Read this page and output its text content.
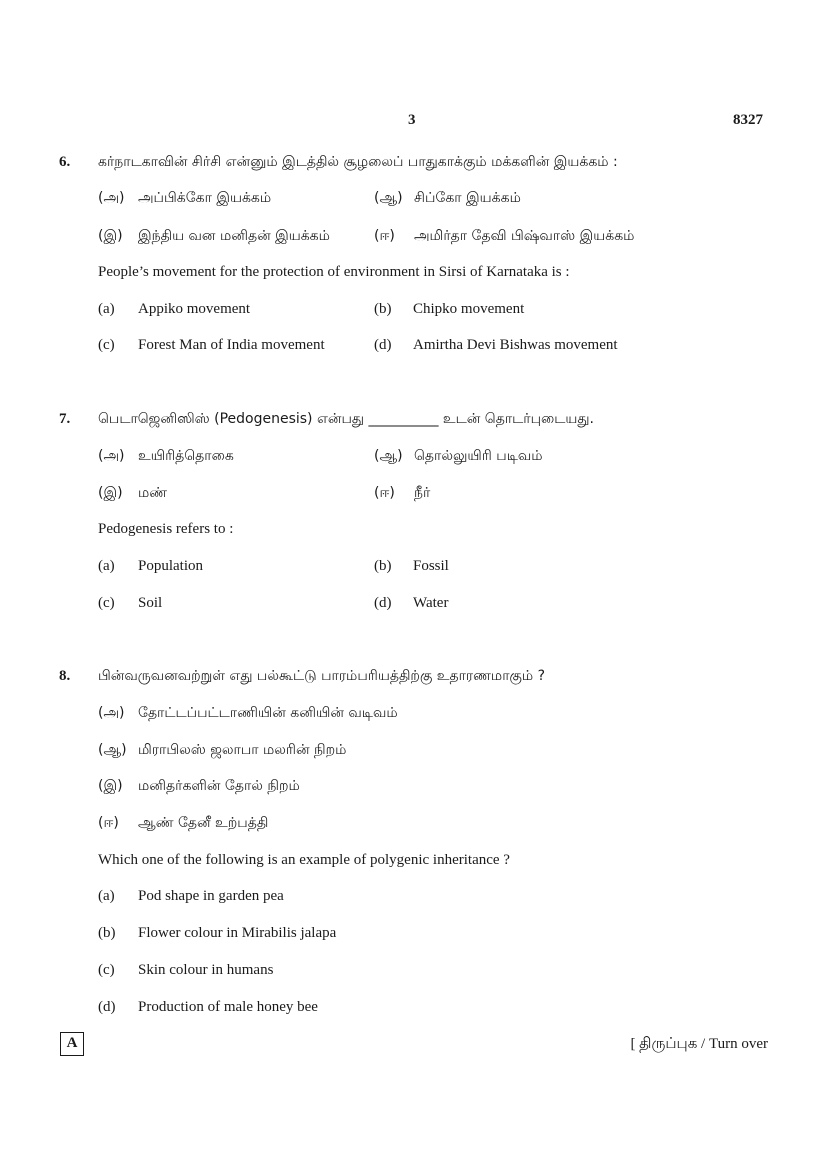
3	8327
6. கர்நாடகாவின் சிர்சி என்னும் இடத்தில் சூழலைப் பாதுகாக்கும் மக்களின் இயக்கம் :
(அ) அப்பிக்கோ இயக்கம்	(ஆ) சிப்கோ இயக்கம்
(இ) இந்திய வன மனிதன் இயக்கம்	(ஈ) அமிர்தா தேவி பிஷ்வாஸ் இயக்கம்
People’s movement for the protection of environment in Sirsi of Karnataka is :
(a) Appiko movement	(b) Chipko movement
(c) Forest Man of India movement	(d) Amirtha Devi Bishwas movement
7. பெடாஜெனிஸிஸ் (Pedogenesis) என்பது __________ உடன் தொடர்புடையது.
(அ) உயிரித்தொகை	(ஆ) தொல்லுயிரி படிவம்
(இ) மண்	(ஈ) நீர்
Pedogenesis refers to :
(a) Population	(b) Fossil
(c) Soil	(d) Water
8. பின்வருவனவற்றுள் எது பல்கூட்டு பாரம்பரியத்திற்கு உதாரணமாகும் ?
(அ) தோட்டப்பட்டாணியின் கனியின் வடிவம்
(ஆ) மிராபிலஸ் ஜலாபா மலரின் நிறம்
(இ) மனிதர்களின் தோல் நிறம்
(ஈ) ஆண் தேனீ உற்பத்தி
Which one of the following is an example of polygenic inheritance ?
(a) Pod shape in garden pea
(b) Flower colour in Mirabilis jalapa
(c) Skin colour in humans
(d) Production of male honey bee
A	[ திருப்புக / Turn over
